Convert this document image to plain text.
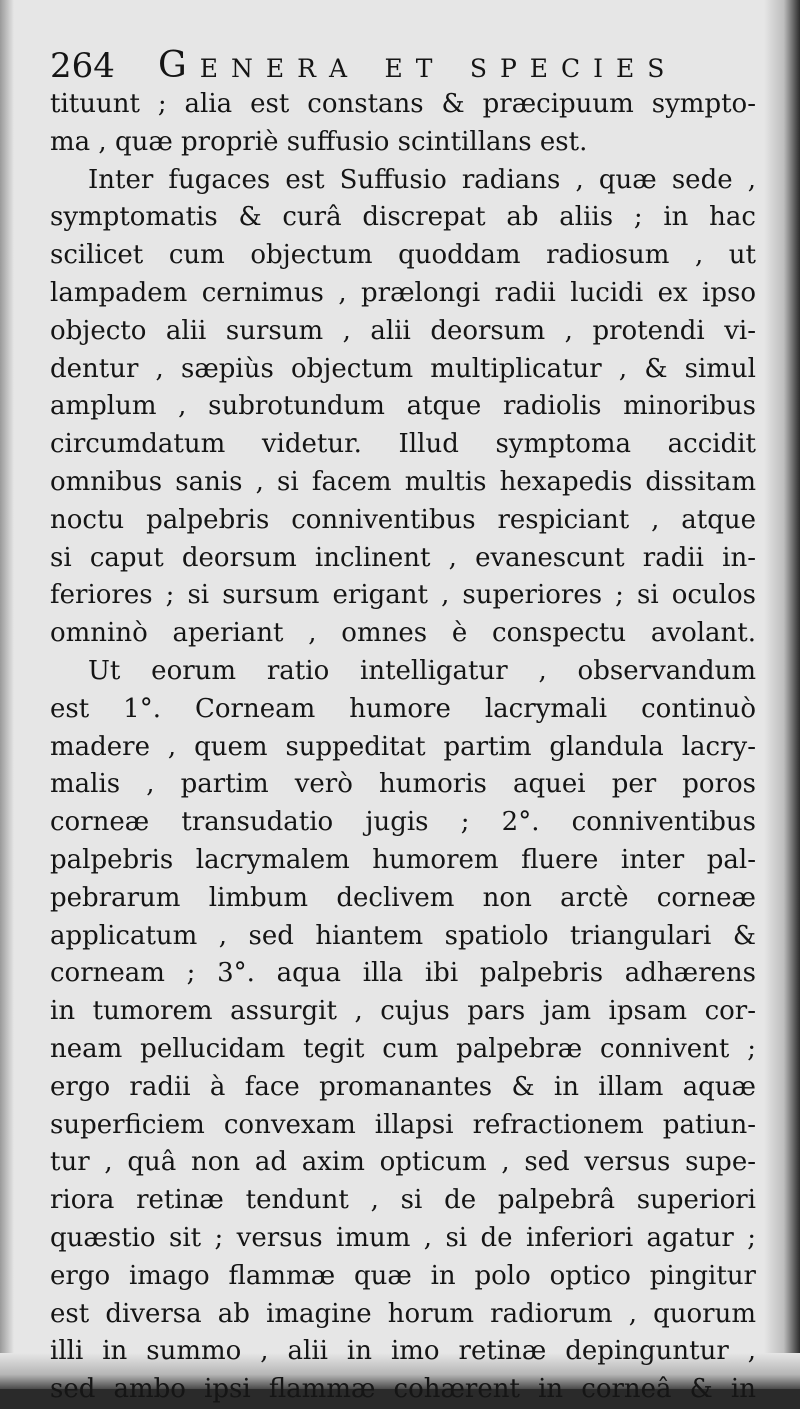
264 Genera et species
tituunt ; alia est constans & præcipuum sympto-
ma , quæ propriè suffusio scintillans est.
Inter fugaces est Suffusio radians , quæ sede ,
symptomatis & curâ discrepat ab aliis ; in hac
scilicet cum objectum quoddam radiosum , ut
lampadem cernimus , prælongi radii lucidi ex ipso
objecto alii sursum , alii deorsum , protendi vi-
dentur , sæpiùs objectum multiplicatur , & simul
amplum , subrotundum atque radiolis minoribus
circumdatum videtur. Illud symptoma accidit
omnibus sanis , si facem multis hexapedis dissitam
noctu palpebris conniventibus respiciant , atque
si caput deorsum inclinent , evanescunt radii in-
feriores ; si sursum erigant , superiores ; si oculos
omninò aperiant , omnes è conspectu avolant.
Ut eorum ratio intelligatur , observandum
est 1°. Corneam humore lacrymali continuò
madere , quem suppeditat partim glandula lacry-
malis , partim verò humoris aquei per poros
corneæ transudatio jugis ; 2°. conniventibus
palpebris lacrymalem humorem fluere inter pal-
pebrarum limbum declivem non arctè corneæ
applicatum , sed hiantem spatiolo triangulari &
corneam ; 3°. aqua illa ibi palpebris adhærens
in tumorem assurgit , cujus pars jam ipsam cor-
neam pellucidam tegit cum palpebræ connivent ;
ergo radii à face promanantes & in illam aquæ
superficiem convexam illapsi refractionem patiun-
tur , quâ non ad axim opticum , sed versus supe-
riora retinæ tendunt , si de palpebrâ superiori
quæstio sit ; versus imum , si de inferiori agatur ;
ergo imago flammæ quæ in polo optico pingitur
est diversa ab imagine horum radiorum , quorum
illi in summo , alii in imo retinæ depinguntur ,
sed ambo ipsi flammæ cohærent in corneâ & in
